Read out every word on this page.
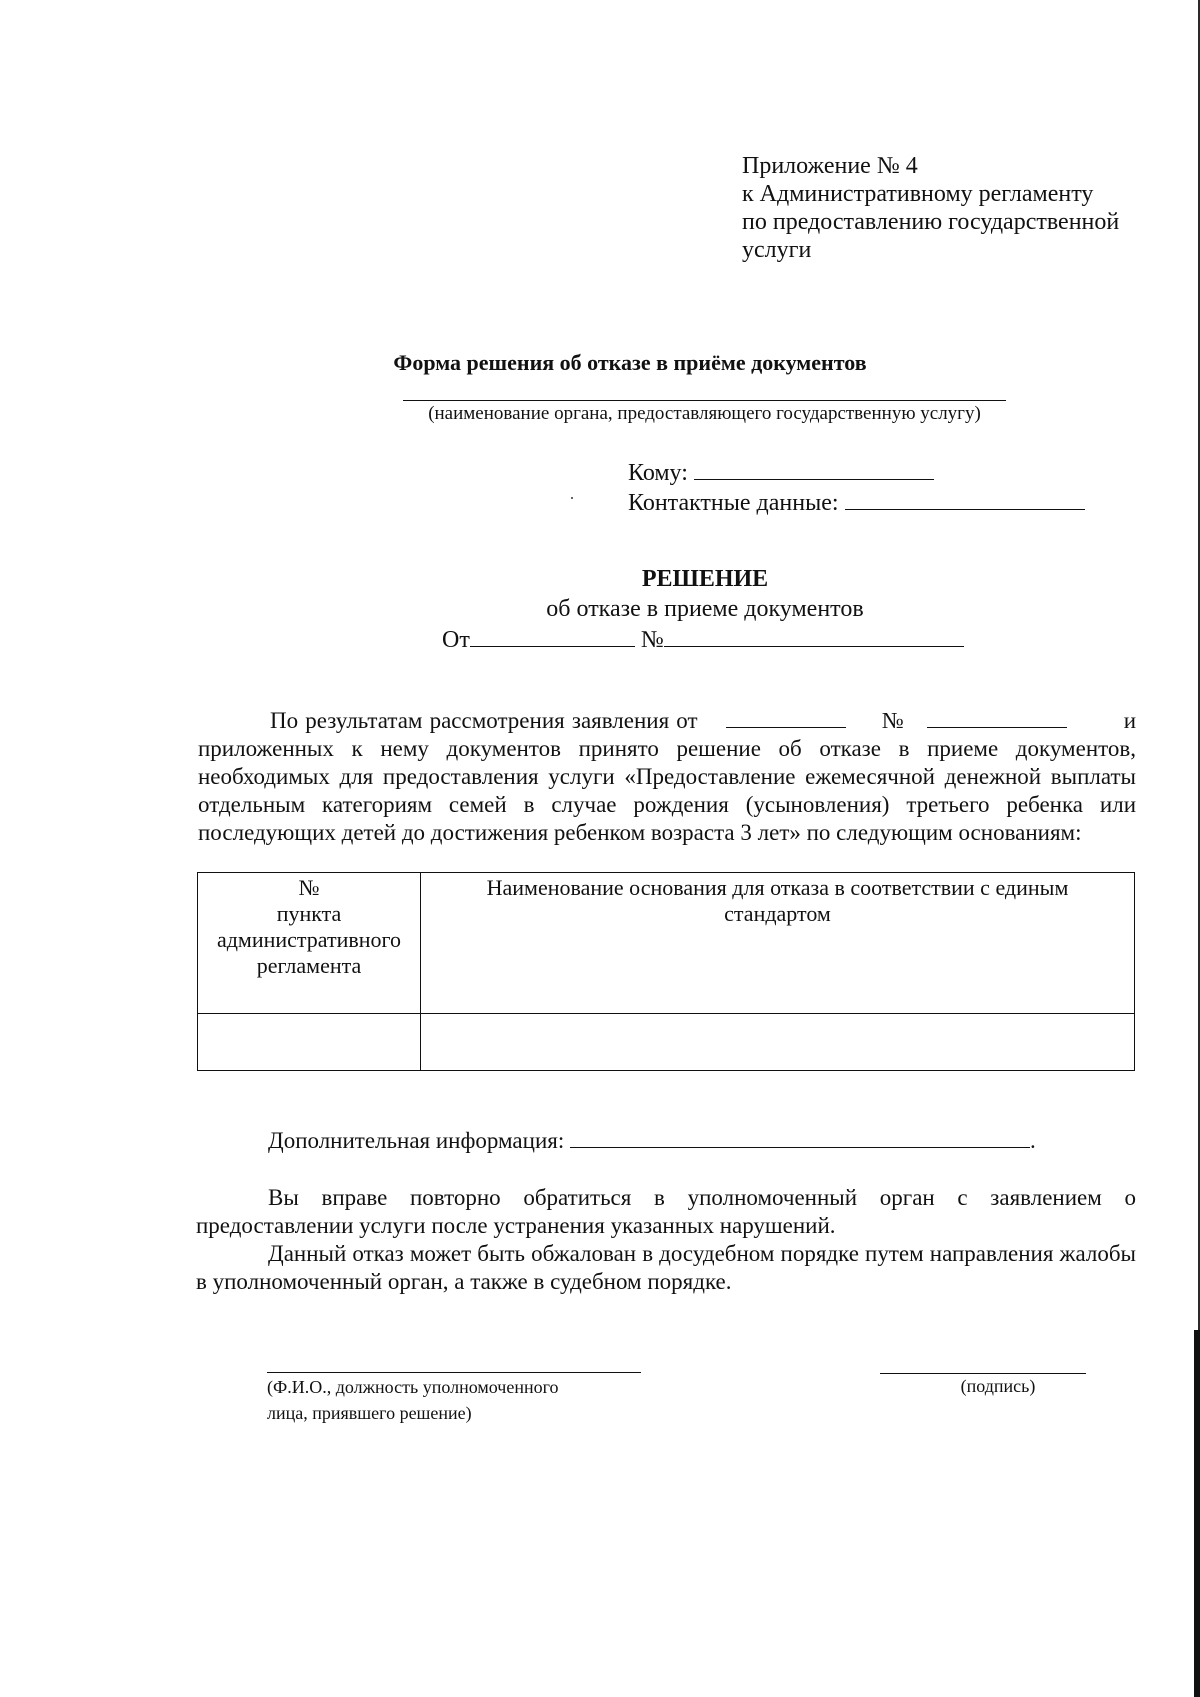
Приложение № 4
к Административному регламенту
по предоставлению государственной
услуги
Форма решения об отказе в приёме документов
(наименование органа, предоставляющего государственную услугу)
Кому:
Контактные данные:
РЕШЕНИЕ
об отказе в приеме документов
От	№
По результатам рассмотрения заявления от	№	и приложенных к нему документов принято решение об отказе в приеме документов, необходимых для предоставления услуги «Предоставление ежемесячной денежной выплаты отдельным категориям семей в случае рождения (усыновления) третьего ребенка или последующих детей до достижения ребенком возраста 3 лет» по следующим основаниям:
№
пункта
административного
регламента	Наименование основания для отказа в соответствии с единым стандартом

Дополнительная информация:	.

Вы вправе повторно обратиться в уполномоченный орган с заявлением о предоставлении услуги после устранения указанных нарушений.

Данный отказ может быть обжалован в досудебном порядке путем направления жалобы в уполномоченный орган, а также в судебном порядке.

(Ф.И.О., должность уполномоченного
лица, приявшего решение)
(подпись)
